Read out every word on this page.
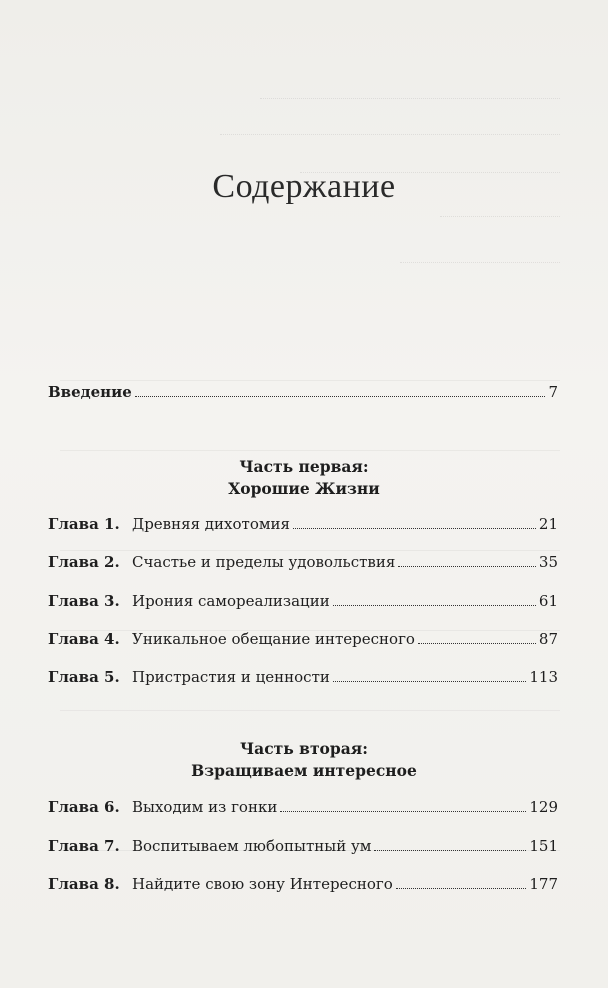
Содержание
Введение	7
Часть первая:
Хорошие Жизни
Глава 1. Древняя дихотомия	21
Глава 2. Счастье и пределы удовольствия	35
Глава 3. Ирония самореализации	61
Глава 4. Уникальное обещание интересного	87
Глава 5. Пристрастия и ценности	113
Часть вторая:
Взращиваем интересное
Глава 6. Выходим из гонки	129
Глава 7. Воспитываем любопытный ум	151
Глава 8. Найдите свою зону Интересного	177
